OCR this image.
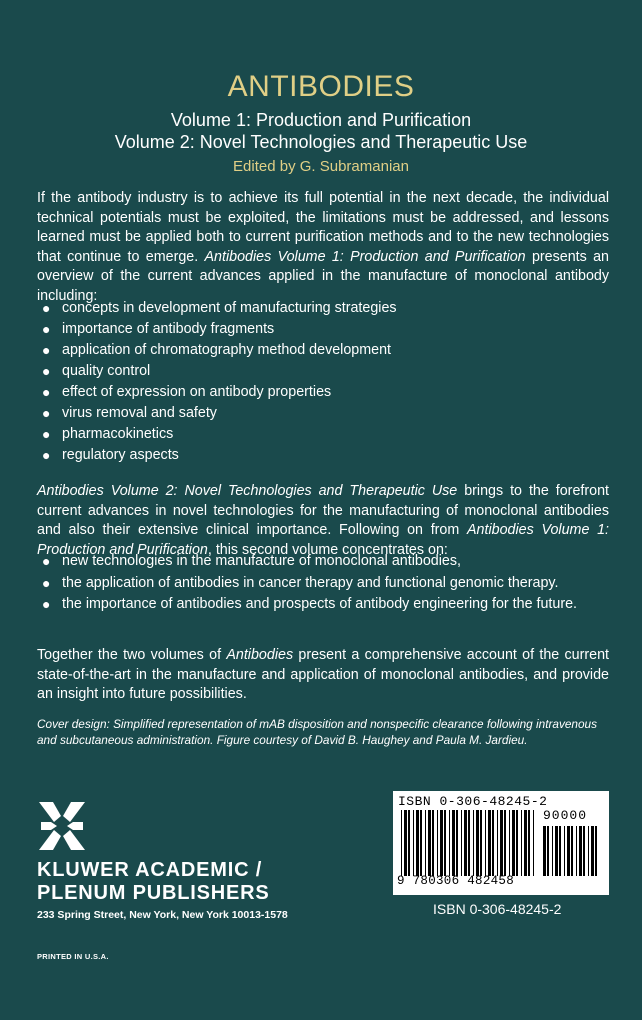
ANTIBODIES
Volume 1: Production and Purification
Volume 2: Novel Technologies and Therapeutic Use
Edited by G. Subramanian
If the antibody industry is to achieve its full potential in the next decade, the individual technical potentials must be exploited, the limitations must be addressed, and lessons learned must be applied both to current purification methods and to the new technologies that continue to emerge. Antibodies Volume 1: Production and Purification presents an overview of the current advances applied in the manufacture of monoclonal antibody including:
● concepts in development of manufacturing strategies
● importance of antibody fragments
● application of chromatography method development
● quality control
● effect of expression on antibody properties
● virus removal and safety
● pharmacokinetics
● regulatory aspects
Antibodies Volume 2: Novel Technologies and Therapeutic Use brings to the forefront current advances in novel technologies for the manufacturing of monoclonal antibodies and also their extensive clinical importance. Following on from Antibodies Volume 1: Production and Purification, this second volume concentrates on:
● new technologies in the manufacture of monoclonal antibodies,
● the application of antibodies in cancer therapy and functional genomic therapy.
● the importance of antibodies and prospects of antibody engineering for the future.
Together the two volumes of Antibodies present a comprehensive account of the current state-of-the-art in the manufacture and application of monoclonal antibodies, and provide an insight into future possibilities.
Cover design: Simplified representation of mAB disposition and nonspecific clearance following intravenous and subcutaneous administration. Figure courtesy of David B. Haughey and Paula M. Jardieu.
KLUWER ACADEMIC /
PLENUM PUBLISHERS
233 Spring Street, New York, New York 10013-1578
PRINTED IN U.S.A.
ISBN 0-306-48245-2
90000
9 780306 482458
ISBN 0-306-48245-2
